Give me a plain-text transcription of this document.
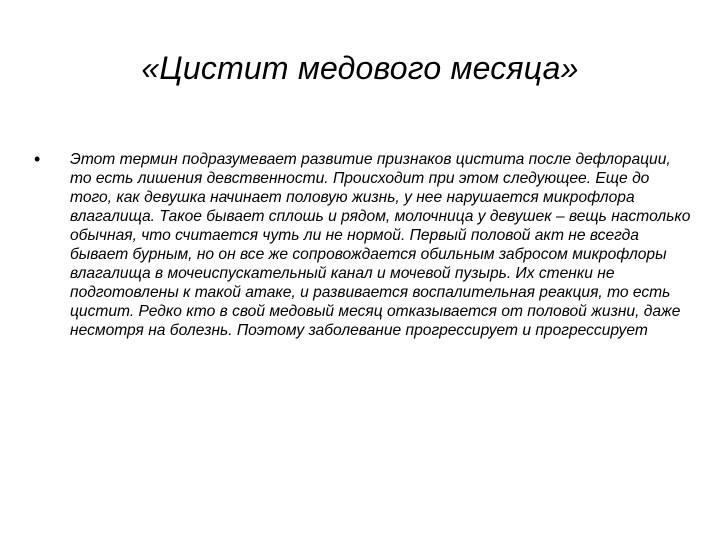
«Цистит медового месяца»
• Этот термин подразумевает развитие признаков цистита после дефлорации, то есть лишения девственности. Происходит при этом следующее. Еще до того, как девушка начинает половую жизнь, у нее нарушается микрофлора влагалища. Такое бывает сплошь и рядом, молочница у девушек – вещь настолько обычная, что считается чуть ли не нормой. Первый половой акт не всегда бывает бурным, но он все же сопровождается обильным забросом микрофлоры влагалища в мочеиспускательный канал и мочевой пузырь. Их стенки не подготовлены к такой атаке, и развивается воспалительная реакция, то есть цистит. Редко кто в свой медовый месяц отказывается от половой жизни, даже несмотря на болезнь. Поэтому заболевание прогрессирует и прогрессирует
